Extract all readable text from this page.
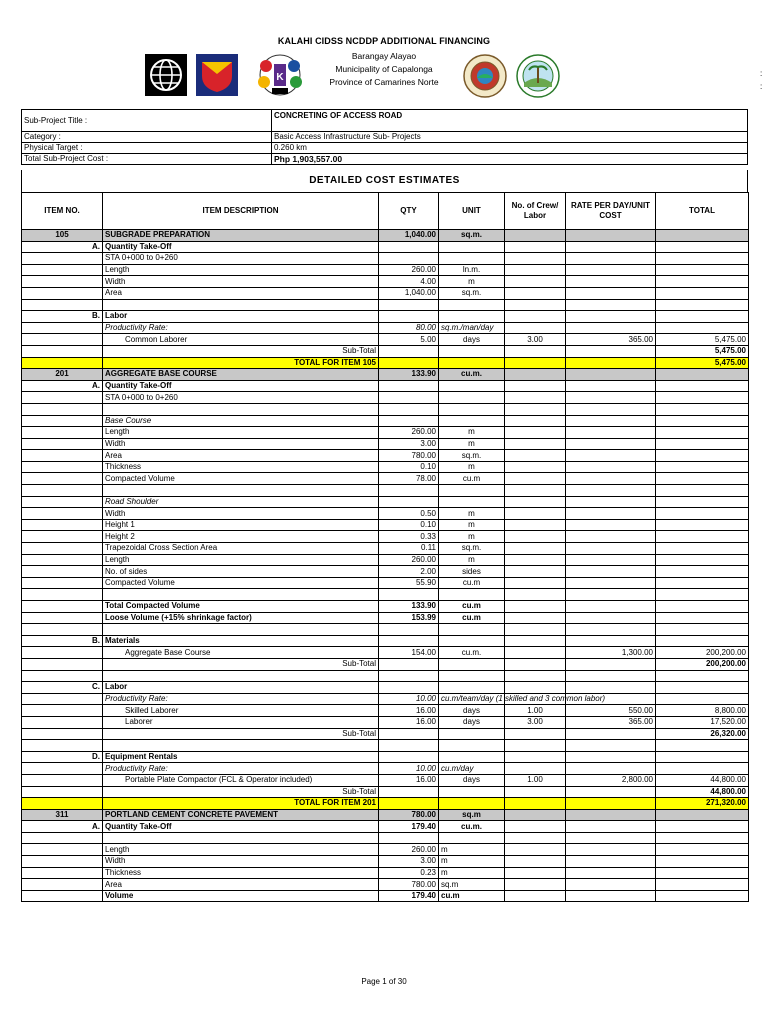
KALAHI CIDSS NCDDP ADDITIONAL FINANCING
Barangay Alayao
Municipality of Capalonga
Province of Camarines Norte
K	:
:
Sub-Project Title :	CONCRETING OF ACCESS ROAD
Category :	Basic Access Infrastructure Sub- Projects
Physical Target :	0.260 km
Total Sub-Project Cost :	Php 1,903,557.00
DETAILED COST ESTIMATES
ITEM NO.	ITEM DESCRIPTION	QTY	UNIT	No. of Crew/ Labor	RATE PER DAY/UNIT COST	TOTAL
105	SUBGRADE PREPARATION	1,040.00	sq.m.			
A.	Quantity Take-Off					
	STA 0+000 to 0+260					
	Length	260.00	ln.m.			
	Width	4.00	m			
	Area	1,040.00	sq.m.			

B.	Labor					
	Productivity Rate:	80.00	sq.m./man/day			
	Common Laborer	5.00	days	3.00	365.00	5,475.00
	Sub-Total					5,475.00
	TOTAL FOR ITEM 105					5,475.00
201	AGGREGATE BASE COURSE	133.90	cu.m.			
A.	Quantity Take-Off					
	STA 0+000 to 0+260					

	Base Course					
	Length	260.00	m			
	Width	3.00	m			
	Area	780.00	sq.m.			
	Thickness	0.10	m			
	Compacted Volume	78.00	cu.m			

	Road Shoulder					
	Width	0.50	m			
	Height 1	0.10	m			
	Height 2	0.33	m			
	Trapezoidal Cross Section Area	0.11	sq.m.			
	Length	260.00	m			
	No. of sides	2.00	sides			
	Compacted Volume	55.90	cu.m			

	Total Compacted Volume	133.90	cu.m			
	Loose Volume (+15% shrinkage factor)	153.99	cu.m			

B.	Materials					
	Aggregate Base Course	154.00	cu.m.		1,300.00	200,200.00
	Sub-Total					200,200.00

C.	Labor					
	Productivity Rate:	10.00	cu.m/team/day (1 skilled and 3 common labor)			
	Skilled Laborer	16.00	days	1.00	550.00	8,800.00
	Laborer	16.00	days	3.00	365.00	17,520.00
	Sub-Total					26,320.00

D.	Equipment Rentals					
	Productivity Rate:	10.00	cu.m/day			
	Portable Plate Compactor (FCL & Operator included)	16.00	days	1.00	2,800.00	44,800.00
	Sub-Total					44,800.00
	TOTAL FOR ITEM 201					271,320.00
311	PORTLAND CEMENT CONCRETE PAVEMENT	780.00	sq.m			
A.	Quantity Take-Off	179.40	cu.m.			

	Length	260.00	m			
	Width	3.00	m			
	Thickness	0.23	m			
	Area	780.00	sq.m			
	Volume	179.40	cu.m			
Page 1 of 30
